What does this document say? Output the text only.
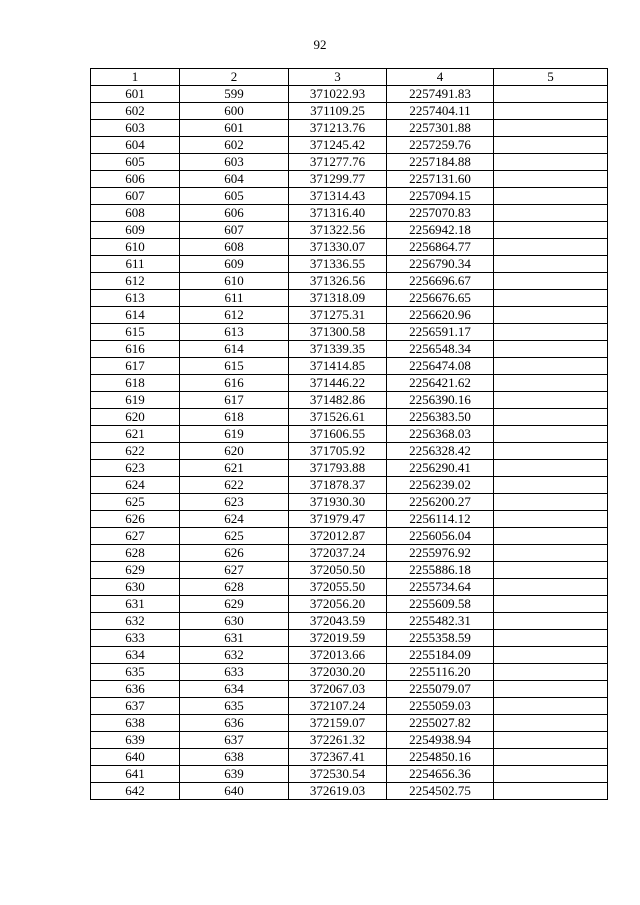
92
1	2	3	4	5
601	599	371022.93	2257491.83	
602	600	371109.25	2257404.11	
603	601	371213.76	2257301.88	
604	602	371245.42	2257259.76	
605	603	371277.76	2257184.88	
606	604	371299.77	2257131.60	
607	605	371314.43	2257094.15	
608	606	371316.40	2257070.83	
609	607	371322.56	2256942.18	
610	608	371330.07	2256864.77	
611	609	371336.55	2256790.34	
612	610	371326.56	2256696.67	
613	611	371318.09	2256676.65	
614	612	371275.31	2256620.96	
615	613	371300.58	2256591.17	
616	614	371339.35	2256548.34	
617	615	371414.85	2256474.08	
618	616	371446.22	2256421.62	
619	617	371482.86	2256390.16	
620	618	371526.61	2256383.50	
621	619	371606.55	2256368.03	
622	620	371705.92	2256328.42	
623	621	371793.88	2256290.41	
624	622	371878.37	2256239.02	
625	623	371930.30	2256200.27	
626	624	371979.47	2256114.12	
627	625	372012.87	2256056.04	
628	626	372037.24	2255976.92	
629	627	372050.50	2255886.18	
630	628	372055.50	2255734.64	
631	629	372056.20	2255609.58	
632	630	372043.59	2255482.31	
633	631	372019.59	2255358.59	
634	632	372013.66	2255184.09	
635	633	372030.20	2255116.20	
636	634	372067.03	2255079.07	
637	635	372107.24	2255059.03	
638	636	372159.07	2255027.82	
639	637	372261.32	2254938.94	
640	638	372367.41	2254850.16	
641	639	372530.54	2254656.36	
642	640	372619.03	2254502.75	
